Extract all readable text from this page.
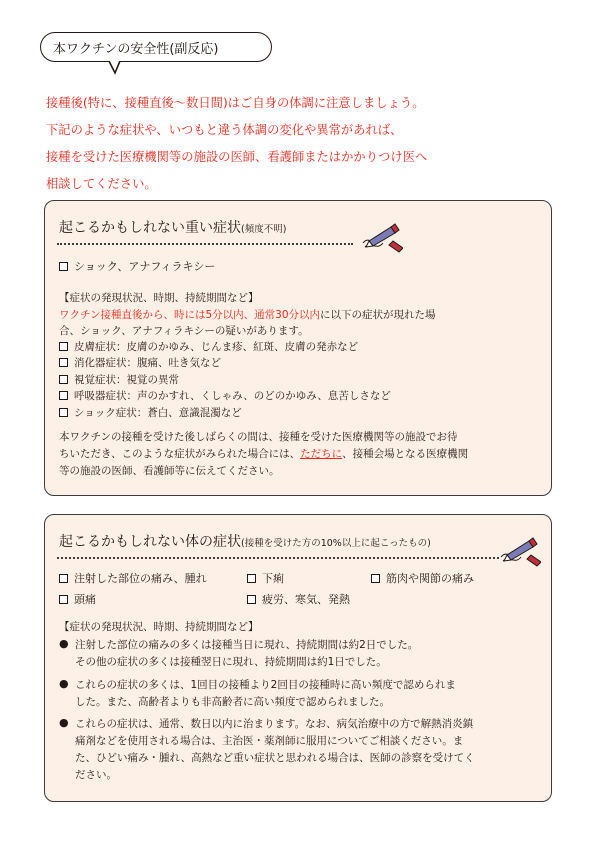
本ワクチンの安全性(副反応)
接種後(特に、接種直後～数日間)はご自身の体調に注意しましょう。
下記のような症状や、いつもと違う体調の変化や異常があれば、
接種を受けた医療機関等の施設の医師、看護師またはかかりつけ医へ
相談してください。
起こるかもしれない重い症状(頻度不明)
ショック、アナフィラキシー
【症状の発現状況、時期、持続期間など】
ワクチン接種直後から、時には5分以内、通常30分以内に以下の症状が現れた場
合、ショック、アナフィラキシーの疑いがあります。
皮膚症状：皮膚のかゆみ、じんま疹、紅斑、皮膚の発赤など
消化器症状：腹痛、吐き気など
視覚症状：視覚の異常
呼吸器症状：声のかすれ、くしゃみ、のどのかゆみ、息苦しさなど
ショック症状：蒼白、意識混濁など
本ワクチンの接種を受けた後しばらくの間は、接種を受けた医療機関等の施設でお待
ちいただき、このような症状がみられた場合には、ただちに、接種会場となる医療機関
等の施設の医師、看護師等に伝えてください。
起こるかもしれない体の症状(接種を受けた方の10%以上に起こったもの)
注射した部位の痛み、腫れ	下痢	筋肉や関節の痛み
頭痛	疲労、寒気、発熱
【症状の発現状況、時期、持続期間など】
● 注射した部位の痛みの多くは接種当日に現れ、持続期間は約2日でした。
その他の症状の多くは接種翌日に現れ、持続期間は約1日でした。
● これらの症状の多くは、1回目の接種より2回目の接種時に高い頻度で認められま
した。また、高齢者よりも非高齢者に高い頻度で認められました。
● これらの症状は、通常、数日以内に治まります。なお、病気治療中の方で解熱消炎鎮
痛剤などを使用される場合は、主治医・薬剤師に服用についてご相談ください。ま
た、ひどい痛み・腫れ、高熱など重い症状と思われる場合は、医師の診察を受けてく
ださい。
